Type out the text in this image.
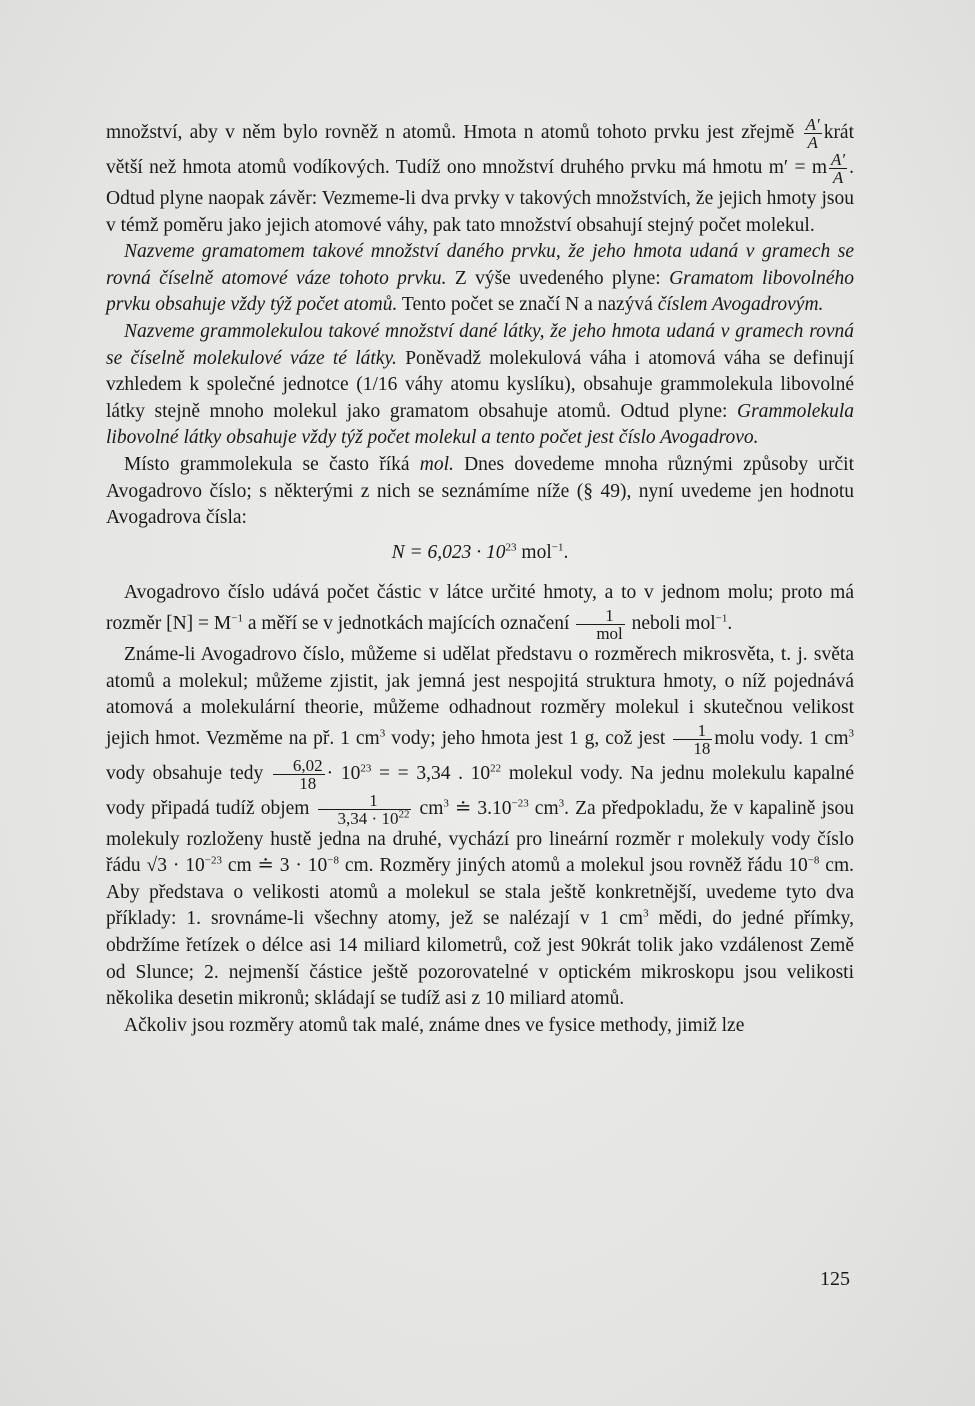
množství, aby v něm bylo rovněž n atomů. Hmota n atomů tohoto prvku jest zřejmě $\frac{A'}{A}$ krát větší než hmota atomů vodíkových. Tudíž ono množství druhého prvku má hmotu m′ = m $\frac{A'}{A}$ . Odtud plyne naopak závěr: Vezmeme-li dva prvky v takových množstvích, že jejich hmoty jsou v témž poměru jako jejich atomové váhy, pak tato množství obsahují stejný počet molekul.

Nazveme gramatomem takové množství daného prvku, že jeho hmota udaná v gramech se rovná číselně atomové váze tohoto prvku. Z výše uvedeného plyne: Gramatom libovolného prvku obsahuje vždy týž počet atomů. Tento počet se značí N a nazývá číslem Avogadrovým.

Nazveme grammolekulou takové množství dané látky, že jeho hmota udaná v gramech rovná se číselně molekulové váze té látky. Poněvadž molekulová váha i atomová váha se definují vzhledem k společné jednotce (1/16 váhy atomu kyslíku), obsahuje grammolekula libovolné látky stejně mnoho molekul jako gramatom obsahuje atomů. Odtud plyne: Grammolekula libovolné látky obsahuje vždy týž počet molekul a tento počet jest číslo Avogadrovo.

Místo grammolekula se často říká mol. Dnes dovedeme mnoha různými způsoby určit Avogadrovo číslo; s některými z nich se seznámíme níže (§ 49), nyní uvedeme jen hodnotu Avogadrova čísla:

$N = 6,023 \cdot 10^{23}$ mol$^{-1}$.

Avogadrovo číslo udává počet částic v látce určité hmoty, a to v jednom molu; proto má rozměr $[N] = M^{-1}$ a měří se v jednotkách majících označení $\frac{1}{\text{mol}}$ neboli mol$^{-1}$.

Známe-li Avogadrovo číslo, můžeme si udělat představu o rozměrech mikrosvěta, t. j. světa atomů a molekul; můžeme zjistit, jak jemná jest nespojitá struktura hmoty, o níž pojednává atomová a molekulární theorie, můžeme odhadnout rozměry molekul i skutečnou velikost jejich hmot. Vezměme na př. 1 $cm^3$ vody; jeho hmota jest 1 g, což jest $\frac{1}{18}$ molu vody. 1 $cm^3$ vody obsahuje tedy $\frac{6,02}{18} \cdot 10^{23}$ = = 3,34 . $10^{22}$ molekul vody. Na jednu molekulu kapalné vody připadá tudíž objem $\frac{1}{3,34 \cdot 10^{22}} cm^3$ ≐ $3.10^{-23}$ $cm^3$. Za předpokladu, že v kapalině jsou molekuly rozloženy hustě jedna na druhé, vychází pro lineární rozměr r molekuly vody číslo řádu $√3 \cdot 10^{-23}$ cm ≐ $3 \cdot 10^{-8}$ cm. Rozměry jiných atomů a molekul jsou rovněž řádu $10^{-8}$ cm. Aby představa o velikosti atomů a molekul se stala ještě konkretnější, uvedeme tyto dva příklady: 1. srovnáme-li všechny atomy, jež se nalézají v 1 $cm^3$ mědi, do jedné přímky, obdržíme řetízek o délce asi 14 miliard kilometrů, což jest 90krát tolik jako vzdálenost Země od Slunce; 2. nejmenší částice ještě pozorovatelné v optickém mikroskopu jsou velikosti několika desetin mikronů; skládají se tudíž asi z 10 miliard atomů.

Ačkoliv jsou rozměry atomů tak malé, známe dnes ve fysice methody, jimiž lze

125
